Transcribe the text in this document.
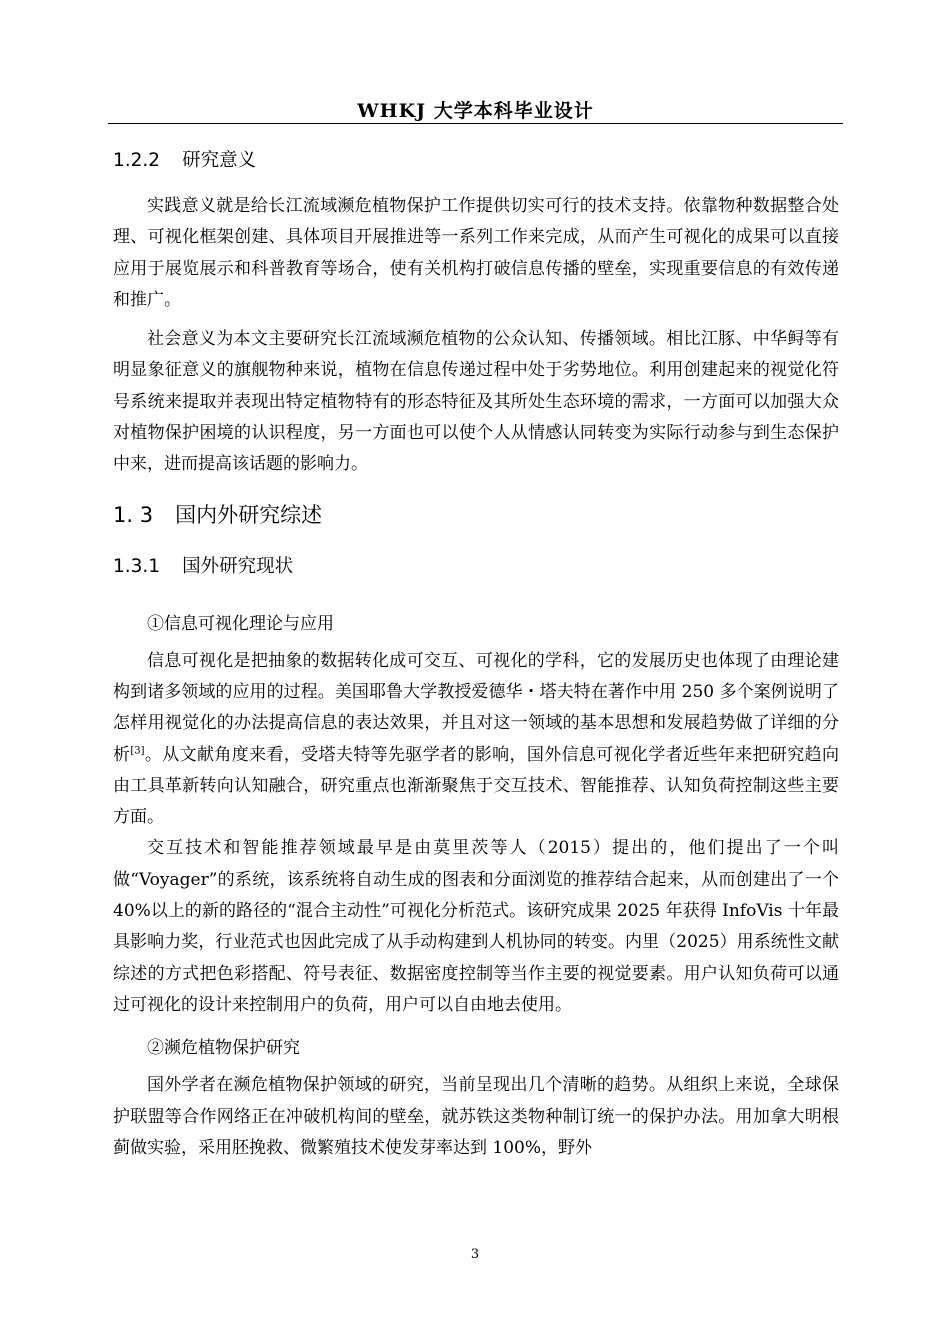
WHKJ 大学本科毕业设计
1.2.2 研究意义

实践意义就是给长江流域濒危植物保护工作提供切实可行的技术支持。依靠物种数据整合处理、可视化框架创建、具体项目开展推进等一系列工作来完成，从而产生可视化的成果可以直接应用于展览展示和科普教育等场合，使有关机构打破信息传播的壁垒，实现重要信息的有效传递和推广。

社会意义为本文主要研究长江流域濒危植物的公众认知、传播领域。相比江豚、中华鲟等有明显象征意义的旗舰物种来说，植物在信息传递过程中处于劣势地位。利用创建起来的视觉化符号系统来提取并表现出特定植物特有的形态特征及其所处生态环境的需求，一方面可以加强大众对植物保护困境的认识程度，另一方面也可以使个人从情感认同转变为实际行动参与到生态保护中来，进而提高该话题的影响力。

1. 3 国内外研究综述
1.3.1 国外研究现状

①信息可视化理论与应用

信息可视化是把抽象的数据转化成可交互、可视化的学科，它的发展历史也体现了由理论建构到诸多领域的应用的过程。美国耶鲁大学教授爱德华・塔夫特在著作中用 250 多个案例说明了怎样用视觉化的办法提高信息的表达效果，并且对这一领域的基本思想和发展趋势做了详细的分析[3]。从文献角度来看，受塔夫特等先驱学者的影响，国外信息可视化学者近些年来把研究趋向由工具革新转向认知融合，研究重点也渐渐聚焦于交互技术、智能推荐、认知负荷控制这些主要方面。

交互技术和智能推荐领域最早是由莫里茨等人（2015）提出的，他们提出了一个叫做“Voyager”的系统，该系统将自动生成的图表和分面浏览的推荐结合起来，从而创建出了一个 40%以上的新的路径的“混合主动性”可视化分析范式。该研究成果 2025 年获得 InfoVis 十年最具影响力奖，行业范式也因此完成了从手动构建到人机协同的转变。内里（2025）用系统性文献综述的方式把色彩搭配、符号表征、数据密度控制等当作主要的视觉要素。用户认知负荷可以通过可视化的设计来控制用户的负荷，用户可以自由地去使用。

②濒危植物保护研究

国外学者在濒危植物保护领域的研究，当前呈现出几个清晰的趋势。从组织上来说，全球保护联盟等合作网络正在冲破机构间的壁垒，就苏铁这类物种制订统一的保护办法。用加拿大明根蓟做实验，采用胚挽救、微繁殖技术使发芽率达到 100%，野外

3
